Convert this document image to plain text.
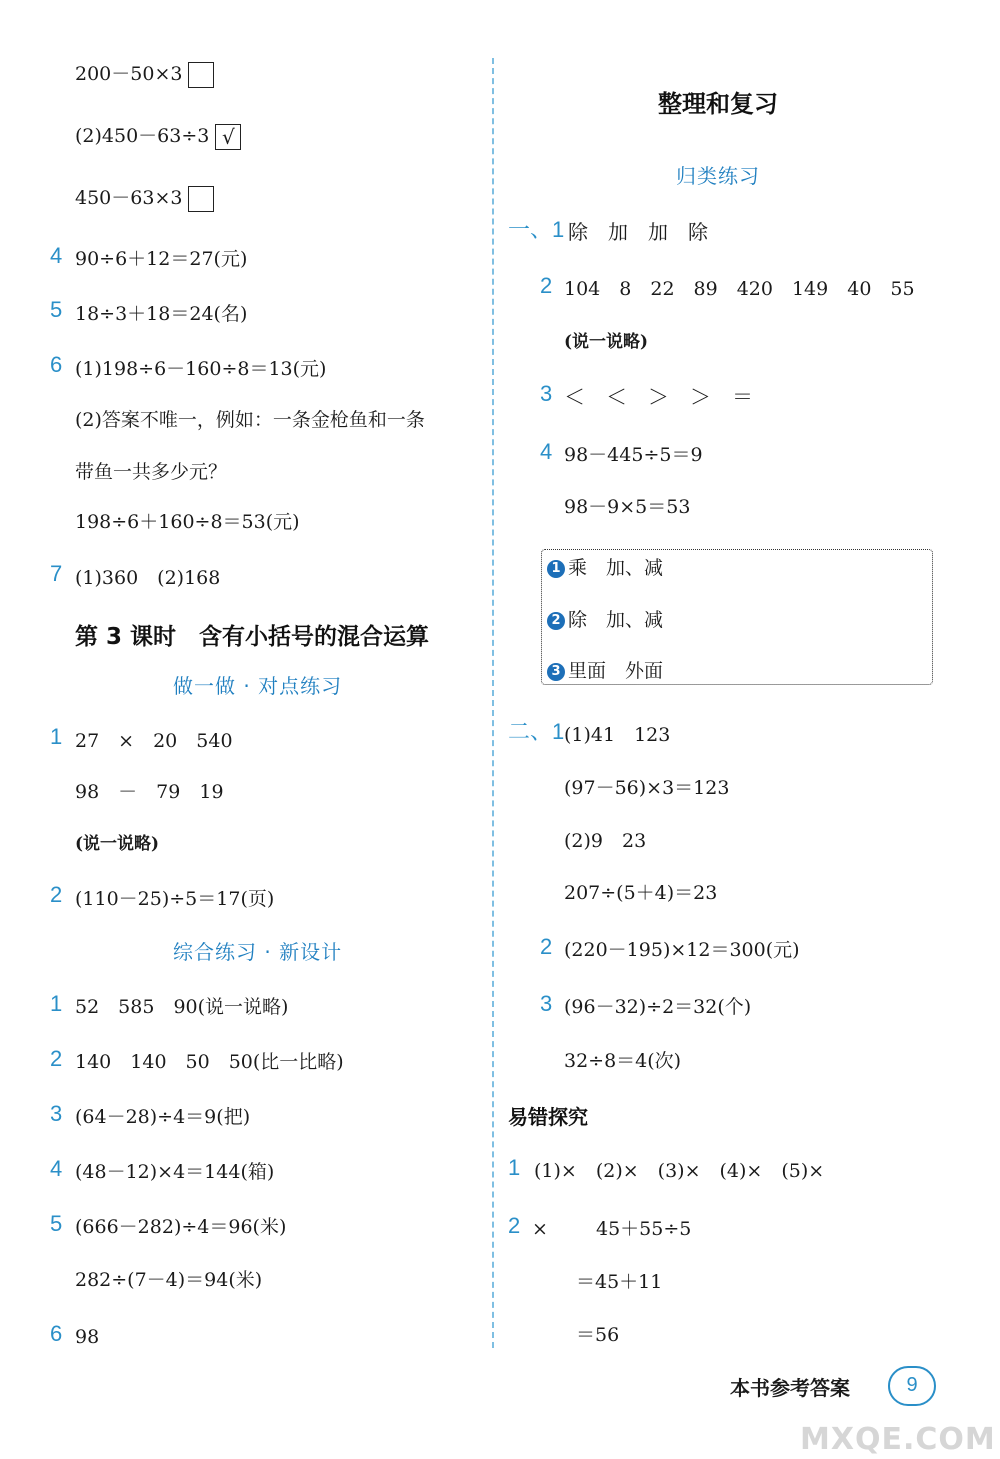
200－50×3
(2)450－63÷3 √
450－63×3
4 90÷6＋12＝27(元)
5 18÷3＋18＝24(名)
6 (1)198÷6－160÷8＝13(元)
(2)答案不唯一，例如：一条金枪鱼和一条
带鱼一共多少元？
198÷6＋160÷8＝53(元)
7 (1)360　(2)168
第 3 课时　含有小括号的混合运算
做一做 · 对点练习
1 27　×　20　540
98　－　79　19
(说一说略)
2 (110－25)÷5＝17(页)
综合练习 · 新设计
1 52　585　90(说一说略)
2 140　140　50　50(比一比略)
3 (64－28)÷4＝9(把)
4 (48－12)×4＝144(箱)
5 (666－282)÷4＝96(米)
282÷(7－4)＝94(米)
6 98
整理和复习
归类练习
一、1 除　加　加　除
2 104　8　22　89　420　149　40　55
(说一说略)
3 ＜　＜　＞　＞　＝
4 98－445÷5＝9
98－9×5＝53
1 乘　加、减
2 除　加、减
3 里面　外面
二、1 (1)41　123
(97－56)×3＝123
(2)9　23
207÷(5＋4)＝23
2 (220－195)×12＝300(元)
3 (96－32)÷2＝32(个)
32÷8＝4(次)
易错探究
1 (1)×　(2)×　(3)×　(4)×　(5)×
2 ×	45＋55÷5
＝45＋11
＝56
本书参考答案	9
MXQE.COM
